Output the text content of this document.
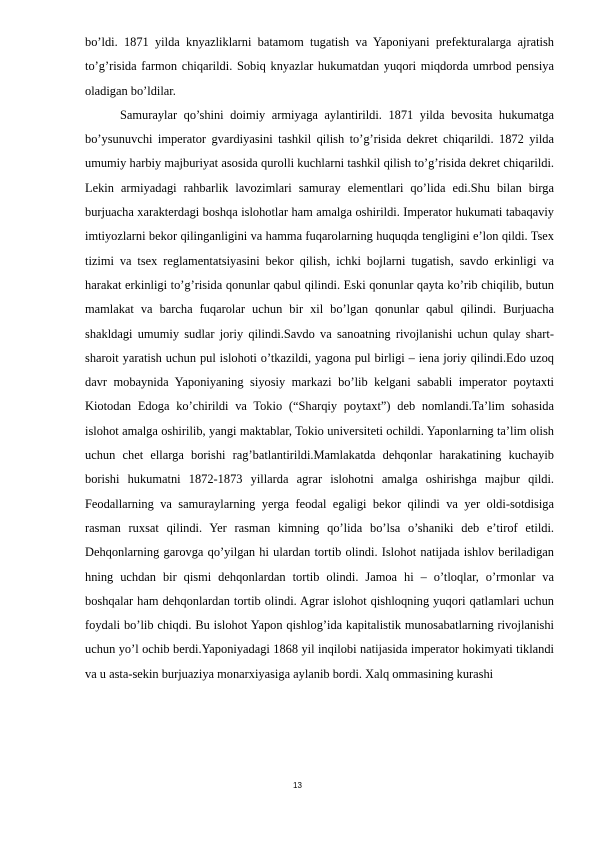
bo’ldi. 1871 yilda knyazliklarni batamom tugatish va Yaponiyani prefekturalarga ajratish to’g’risida farmon chiqarildi. Sobiq knyazlar hukumatdan yuqori miqdorda umrbod pensiya oladigan bo’ldilar.

Samuraylar qo’shini doimiy armiyaga aylantirildi. 1871 yilda bevosita hukumatga bo’ysunuvchi imperator gvardiyasini tashkil qilish to’g’risida dekret chiqarildi. 1872 yilda umumiy harbiy majburiyat asosida qurolli kuchlarni tashkil qilish to’g’risida dekret chiqarildi. Lekin armiyadagi rahbarlik lavozimlari samuray elementlari qo’lida edi.Shu bilan birga burjuacha xarakterdagi boshqa islohotlar ham amalga oshirildi. Imperator hukumati tabaqaviy imtiyozlarni bekor qilinganligini va hamma fuqarolarning huquqda tengligini e’lon qildi. Tsex tizimi va tsex reglamentatsiyasini bekor qilish, ichki bojlarni tugatish, savdo erkinligi va harakat erkinligi to’g’risida qonunlar qabul qilindi. Eski qonunlar qayta ko’rib chiqilib, butun mamlakat va barcha fuqarolar uchun bir xil bo’lgan qonunlar qabul qilindi. Burjuacha shakldagi umumiy sudlar joriy qilindi.Savdo va sanoatning rivojlanishi uchun qulay shart-sharoit yaratish uchun pul islohoti o’tkazildi, yagona pul birligi – iena joriy qilindi.Edo uzoq davr mobaynida Yaponiyaning siyosiy markazi bo’lib kelgani sababli imperator poytaxti Kiotodan Edoga ko’chirildi va Tokio (“Sharqiy poytaxt”) deb nomlandi.Ta’lim sohasida islohot amalga oshirilib, yangi maktablar, Tokio universiteti ochildi. Yaponlarning ta’lim olish uchun chet ellarga borishi rag’batlantirildi.Mamlakatda dehqonlar harakatining kuchayib borishi hukumatni 1872-1873 yillarda agrar islohotni amalga oshirishga majbur qildi. Feodallarning va samuraylarning yerga feodal egaligi bekor qilindi va yer oldi-sotdisiga rasman ruxsat qilindi. Yer rasman kimning qo’lida bo’lsa o’shaniki deb e’tirof etildi. Dehqonlarning garovga qo’yilgan hi ulardan tortib olindi. Islohot natijada ishlov beriladigan hning uchdan bir qismi dehqonlardan tortib olindi. Jamoa hi – o’tloqlar, o’rmonlar va boshqalar ham dehqonlardan tortib olindi. Agrar islohot qishloqning yuqori qatlamlari uchun foydali bo’lib chiqdi. Bu islohot Yapon qishlog’ida kapitalistik munosabatlarning rivojlanishi uchun yo’l ochib berdi.Yaponiyadagi 1868 yil inqilobi natijasida imperator hokimyati tiklandi va u asta-sekin burjuaziya monarxiyasiga aylanib bordi. Xalq ommasining kurashi

13
